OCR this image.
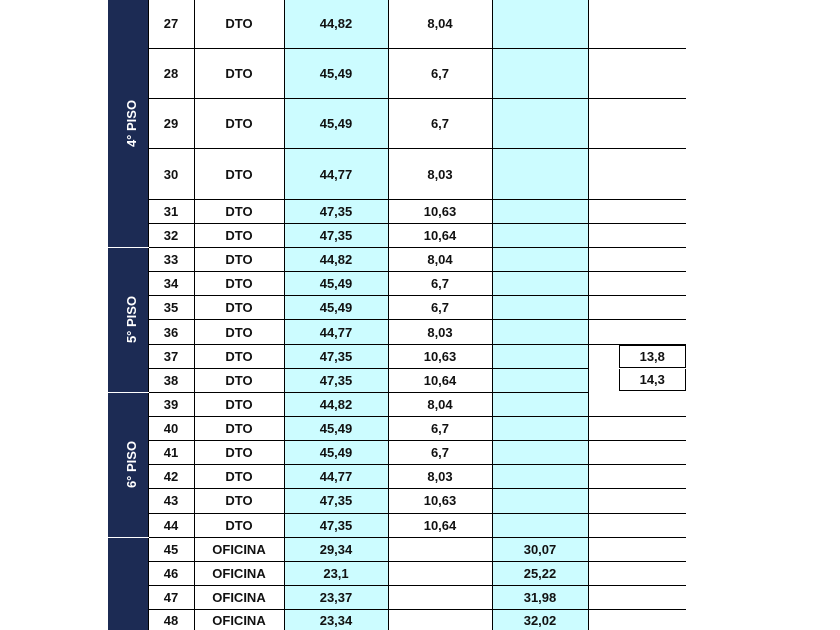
4° PISO	27	DTO	44,82	8,04		
	28	DTO	45,49	6,7		
	29	DTO	45,49	6,7		
	30	DTO	44,77	8,03		
	31	DTO	47,35	10,63		
	32	DTO	47,35	10,64		
5° PISO	33	DTO	44,82	8,04		
	34	DTO	45,49	6,7		
	35	DTO	45,49	6,7		
	36	DTO	44,77	8,03		
	37	DTO	47,35	10,63		13,8

	38	DTO	47,35	10,64		14,3

6° PISO	39	DTO	44,82	8,04		
	40	DTO	45,49	6,7		
	41	DTO	45,49	6,7		
	42	DTO	44,77	8,03		
	43	DTO	47,35	10,63		
	44	DTO	47,35	10,64		
	45	OFICINA	29,34		30,07	
	46	OFICINA	23,1		25,22	
	47	OFICINA	23,37		31,98	
	48	OFICINA	23,34		32,02	
